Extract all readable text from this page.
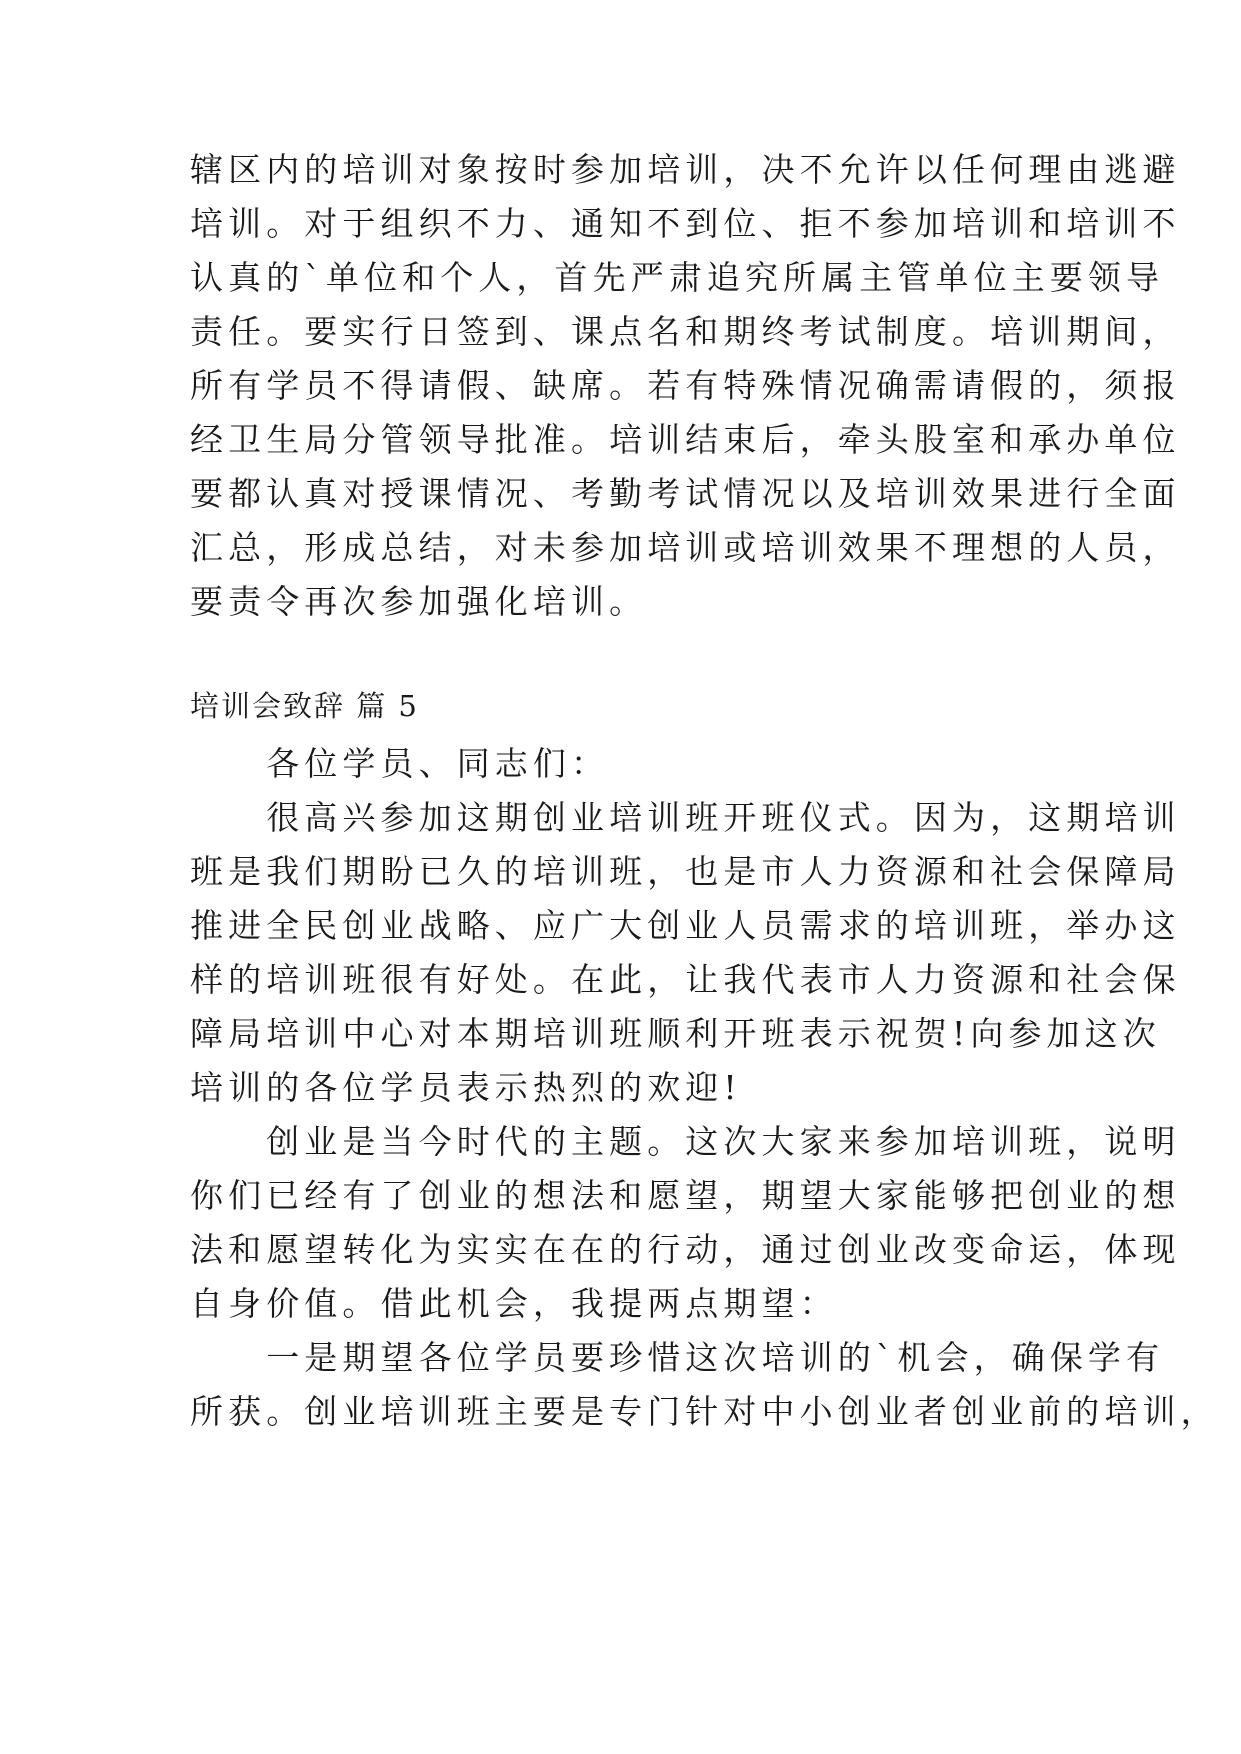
辖区内的培训对象按时参加培训，决不允许以任何理由逃避
培训。对于组织不力、通知不到位、拒不参加培训和培训不
认真的`单位和个人，首先严肃追究所属主管单位主要领导
责任。要实行日签到、课点名和期终考试制度。培训期间，
所有学员不得请假、缺席。若有特殊情况确需请假的，须报
经卫生局分管领导批准。培训结束后，牵头股室和承办单位
要都认真对授课情况、考勤考试情况以及培训效果进行全面
汇总，形成总结，对未参加培训或培训效果不理想的人员，
要责令再次参加强化培训。
培训会致辞 篇 5
　　各位学员、同志们：
　　很高兴参加这期创业培训班开班仪式。因为，这期培训
班是我们期盼已久的培训班，也是市人力资源和社会保障局
推进全民创业战略、应广大创业人员需求的培训班，举办这
样的培训班很有好处。在此，让我代表市人力资源和社会保
障局培训中心对本期培训班顺利开班表示祝贺!向参加这次
培训的各位学员表示热烈的欢迎!
　　创业是当今时代的主题。这次大家来参加培训班，说明
你们已经有了创业的想法和愿望，期望大家能够把创业的想
法和愿望转化为实实在在的行动，通过创业改变命运，体现
自身价值。借此机会，我提两点期望：
　　一是期望各位学员要珍惜这次培训的`机会，确保学有
所获。创业培训班主要是专门针对中小创业者创业前的培训，
